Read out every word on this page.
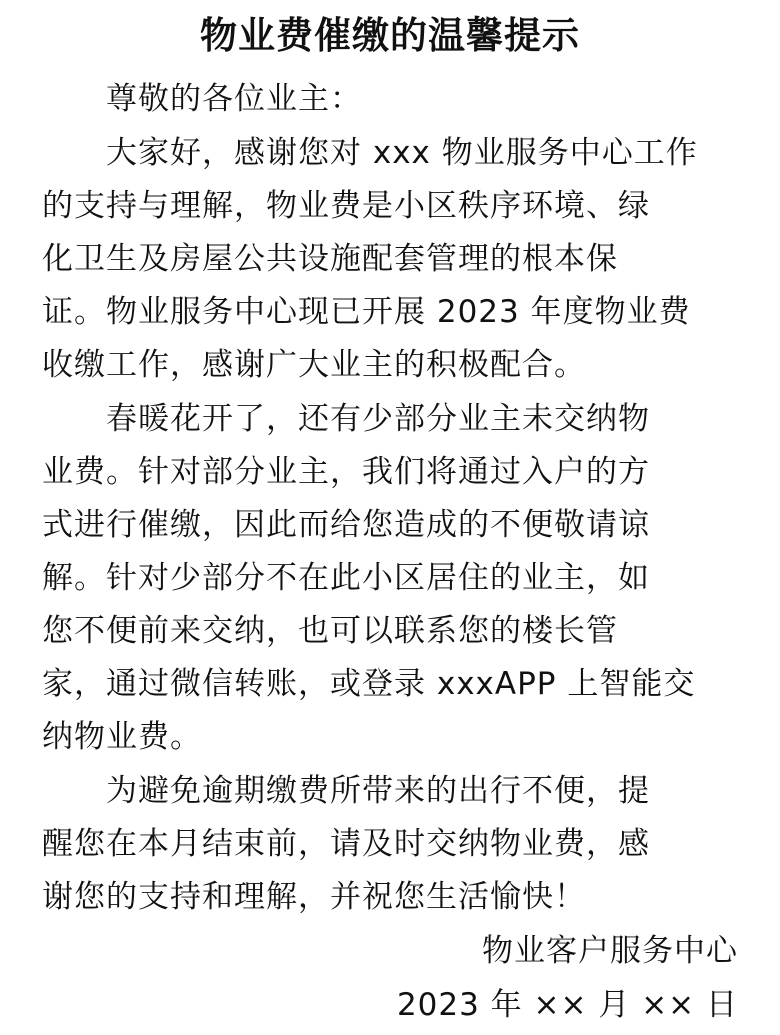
物业费催缴的温馨提示
尊敬的各位业主：
大家好，感谢您对 xxx 物业服务中心工作
的支持与理解，物业费是小区秩序环境、绿
化卫生及房屋公共设施配套管理的根本保
证。物业服务中心现已开展 2023 年度物业费
收缴工作，感谢广大业主的积极配合。
春暖花开了，还有少部分业主未交纳物
业费。针对部分业主，我们将通过入户的方
式进行催缴，因此而给您造成的不便敬请谅
解。针对少部分不在此小区居住的业主，如
您不便前来交纳，也可以联系您的楼长管
家，通过微信转账，或登录 xxxAPP 上智能交
纳物业费。
为避免逾期缴费所带来的出行不便，提
醒您在本月结束前，请及时交纳物业费，感
谢您的支持和理解，并祝您生活愉快！
物业客户服务中心
2023 年 ×× 月 ×× 日
